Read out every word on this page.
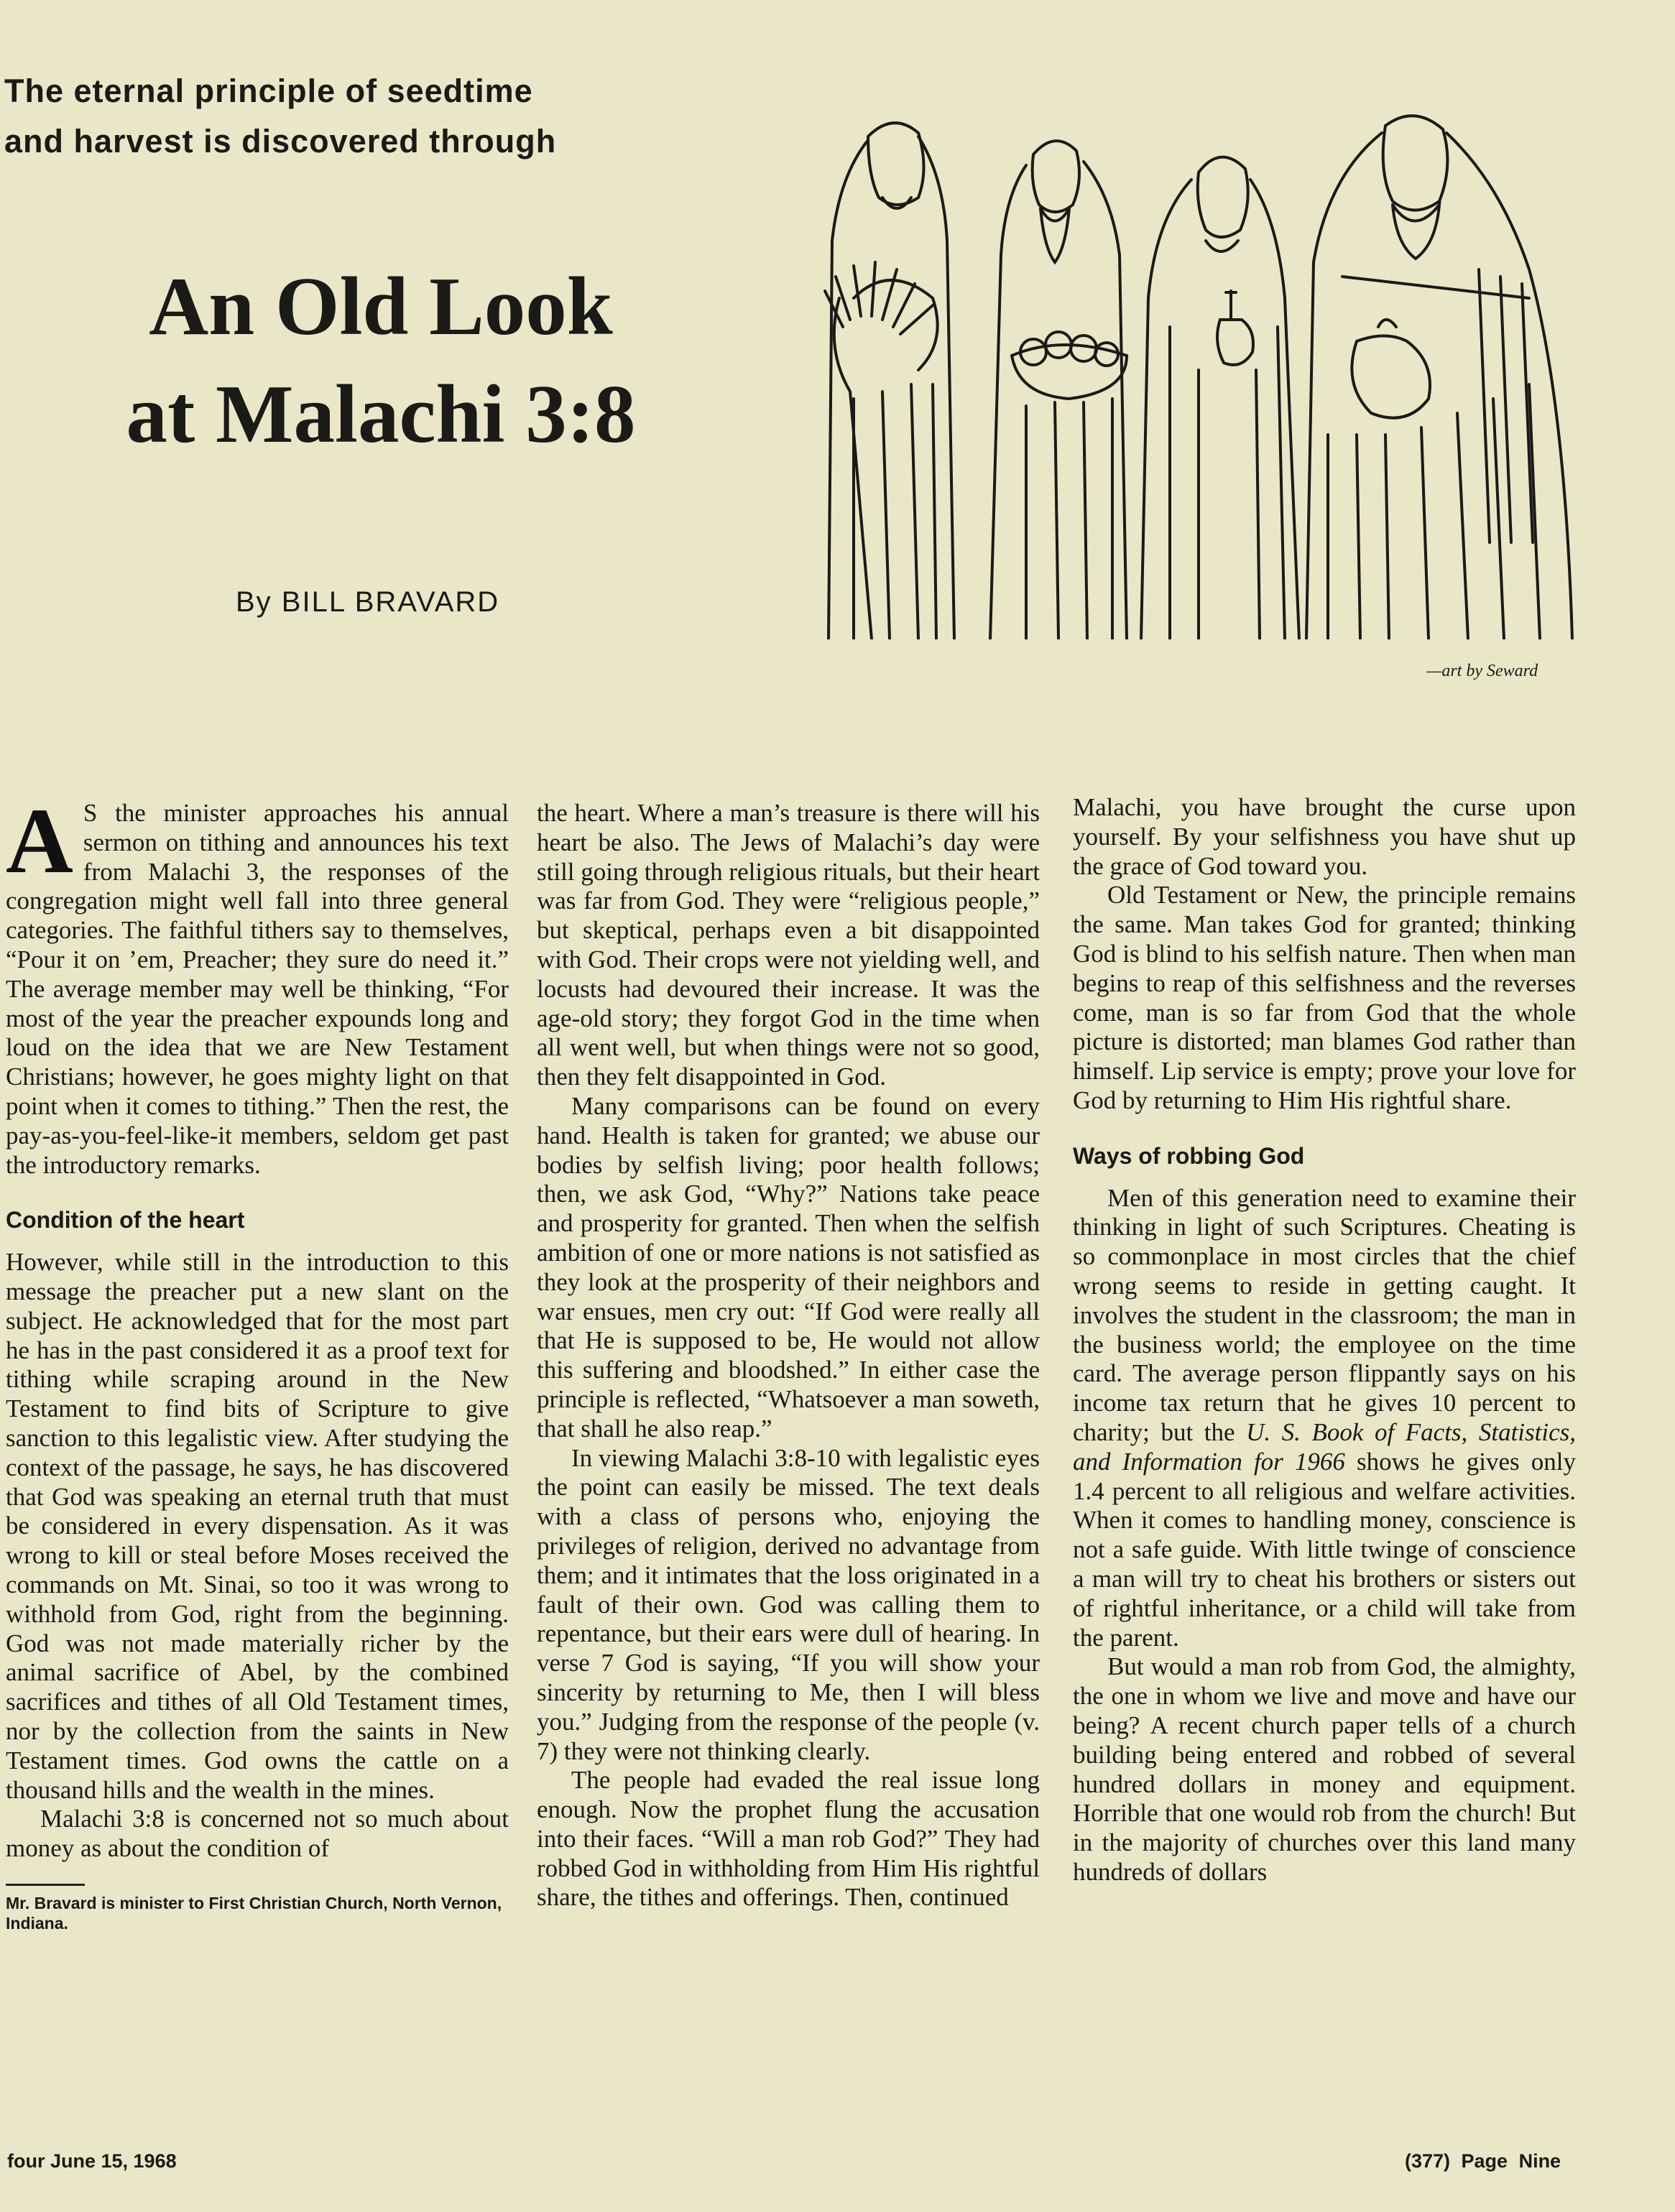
The eternal principle of seedtime
and harvest is discovered through
An Old Look
at Malachi 3:8
By BILL BRAVARD
—art by Seward

A S the minister approaches his annual sermon on tithing and announces his text from Malachi 3, the responses of the congregation might well fall into three general categories. The faithful tithers say to themselves, “Pour it on ’em, Preacher; they sure do need it.” The average member may well be thinking, “For most of the year the preacher expounds long and loud on the idea that we are New Testament Christians; however, he goes mighty light on that point when it comes to tithing.” Then the rest, the pay-as-you-feel-like-it members, seldom get past the introductory remarks.

Condition of the heart

However, while still in the introduction to this message the preacher put a new slant on the subject. He acknowledged that for the most part he has in the past considered it as a proof text for tithing while scraping around in the New Testament to find bits of Scripture to give sanction to this legalistic view. After studying the context of the passage, he says, he has discovered that God was speaking an eternal truth that must be considered in every dispensation. As it was wrong to kill or steal before Moses received the commands on Mt. Sinai, so too it was wrong to withhold from God, right from the beginning. God was not made materially richer by the animal sacrifice of Abel, by the combined sacrifices and tithes of all Old Testament times, nor by the collection from the saints in New Testament times. God owns the cattle on a thousand hills and the wealth in the mines.

Malachi 3:8 is concerned not so much about money as about the condition of

Mr. Bravard is minister to First Christian Church, North Vernon, Indiana.

the heart. Where a man’s treasure is there will his heart be also. The Jews of Malachi’s day were still going through religious rituals, but their heart was far from God. They were “religious people,” but skeptical, perhaps even a bit disappointed with God. Their crops were not yielding well, and locusts had devoured their increase. It was the age-old story; they forgot God in the time when all went well, but when things were not so good, then they felt disappointed in God.

Many comparisons can be found on every hand. Health is taken for granted; we abuse our bodies by selfish living; poor health follows; then, we ask God, “Why?” Nations take peace and prosperity for granted. Then when the selfish ambition of one or more nations is not satisfied as they look at the prosperity of their neighbors and war ensues, men cry out: “If God were really all that He is supposed to be, He would not allow this suffering and bloodshed.” In either case the principle is reflected, “Whatsoever a man soweth, that shall he also reap.”

In viewing Malachi 3:8-10 with legalistic eyes the point can easily be missed. The text deals with a class of persons who, enjoying the privileges of religion, derived no advantage from them; and it intimates that the loss originated in a fault of their own. God was calling them to repentance, but their ears were dull of hearing. In verse 7 God is saying, “If you will show your sincerity by returning to Me, then I will bless you.” Judging from the response of the people (v. 7) they were not thinking clearly.

The people had evaded the real issue long enough. Now the prophet flung the accusation into their faces. “Will a man rob God?” They had robbed God in withholding from Him His rightful share, the tithes and offerings. Then, continued

Malachi, you have brought the curse upon yourself. By your selfishness you have shut up the grace of God toward you.

Old Testament or New, the principle remains the same. Man takes God for granted; thinking God is blind to his selfish nature. Then when man begins to reap of this selfishness and the reverses come, man is so far from God that the whole picture is distorted; man blames God rather than himself. Lip service is empty; prove your love for God by returning to Him His rightful share.

Ways of robbing God

Men of this generation need to examine their thinking in light of such Scriptures. Cheating is so commonplace in most circles that the chief wrong seems to reside in getting caught. It involves the student in the classroom; the man in the business world; the employee on the time card. The average person flippantly says on his income tax return that he gives 10 percent to charity; but the U. S. Book of Facts, Statistics, and Information for 1966 shows he gives only 1.4 percent to all religious and welfare activities. When it comes to handling money, conscience is not a safe guide. With little twinge of conscience a man will try to cheat his brothers or sisters out of rightful inheritance, or a child will take from the parent.

But would a man rob from God, the almighty, the one in whom we live and move and have our being? A recent church paper tells of a church building being entered and robbed of several hundred dollars in money and equipment. Horrible that one would rob from the church! But in the majority of churches over this land many hundreds of dollars

four June 15, 1968	(377) Page Nine
